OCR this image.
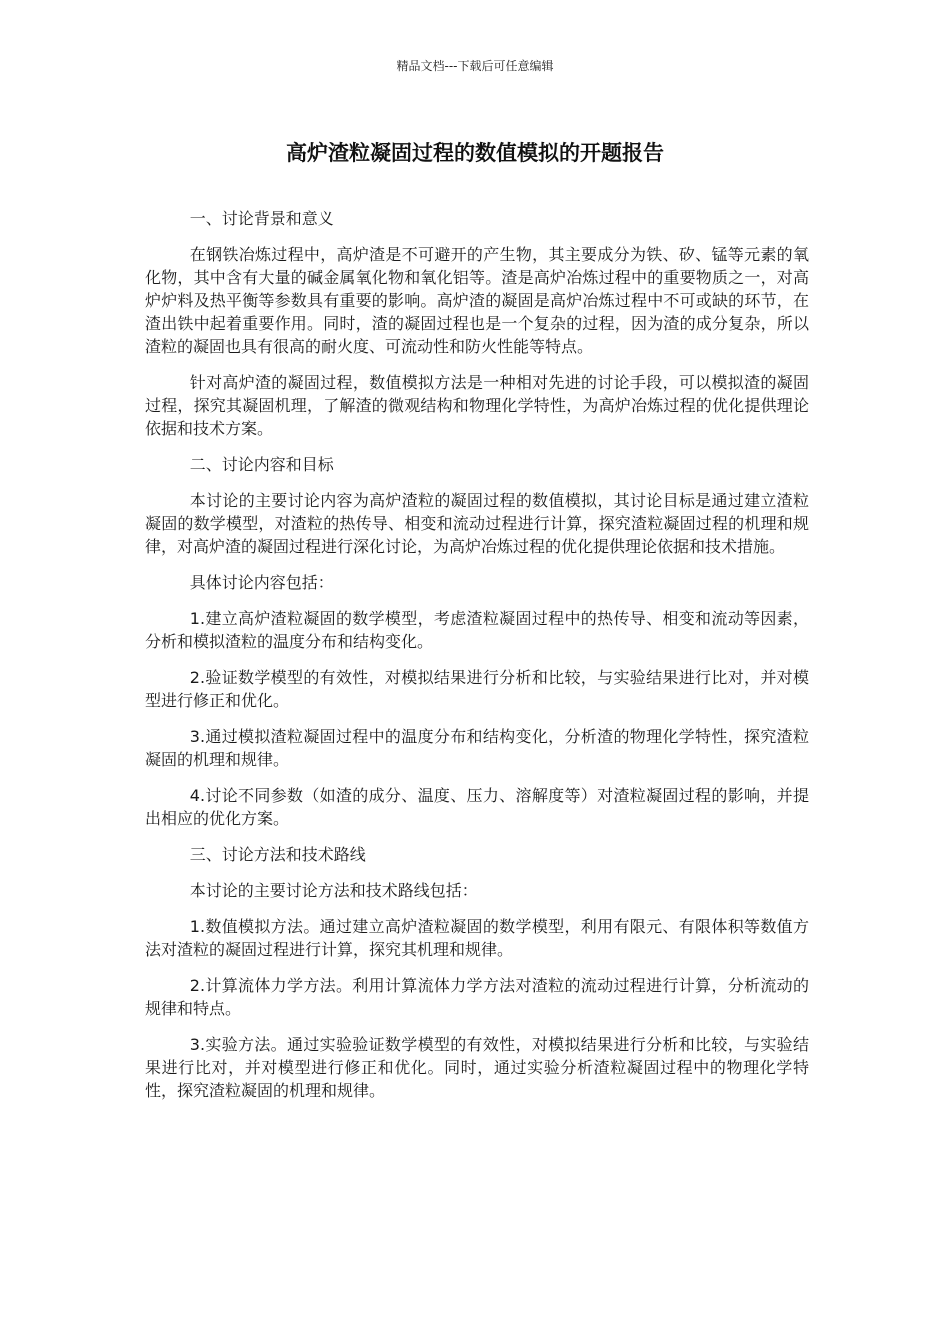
精品文档---下载后可任意编辑
高炉渣粒凝固过程的数值模拟的开题报告

一、讨论背景和意义

在钢铁冶炼过程中，高炉渣是不可避开的产生物，其主要成分为铁、矽、锰等元素的氧化物，其中含有大量的碱金属氧化物和氧化铝等。渣是高炉冶炼过程中的重要物质之一，对高炉炉料及热平衡等参数具有重要的影响。高炉渣的凝固是高炉冶炼过程中不可或缺的环节，在渣出铁中起着重要作用。同时，渣的凝固过程也是一个复杂的过程，因为渣的成分复杂，所以渣粒的凝固也具有很高的耐火度、可流动性和防火性能等特点。

针对高炉渣的凝固过程，数值模拟方法是一种相对先进的讨论手段，可以模拟渣的凝固过程，探究其凝固机理，了解渣的微观结构和物理化学特性，为高炉冶炼过程的优化提供理论依据和技术方案。

二、讨论内容和目标

本讨论的主要讨论内容为高炉渣粒的凝固过程的数值模拟，其讨论目标是通过建立渣粒凝固的数学模型，对渣粒的热传导、相变和流动过程进行计算，探究渣粒凝固过程的机理和规律，对高炉渣的凝固过程进行深化讨论，为高炉冶炼过程的优化提供理论依据和技术措施。

具体讨论内容包括：

1.建立高炉渣粒凝固的数学模型，考虑渣粒凝固过程中的热传导、相变和流动等因素，分析和模拟渣粒的温度分布和结构变化。

2.验证数学模型的有效性，对模拟结果进行分析和比较，与实验结果进行比对，并对模型进行修正和优化。

3.通过模拟渣粒凝固过程中的温度分布和结构变化，分析渣的物理化学特性，探究渣粒凝固的机理和规律。

4.讨论不同参数（如渣的成分、温度、压力、溶解度等）对渣粒凝固过程的影响，并提出相应的优化方案。

三、讨论方法和技术路线

本讨论的主要讨论方法和技术路线包括：

1.数值模拟方法。通过建立高炉渣粒凝固的数学模型，利用有限元、有限体积等数值方法对渣粒的凝固过程进行计算，探究其机理和规律。

2.计算流体力学方法。利用计算流体力学方法对渣粒的流动过程进行计算，分析流动的规律和特点。

3.实验方法。通过实验验证数学模型的有效性，对模拟结果进行分析和比较，与实验结果进行比对，并对模型进行修正和优化。同时，通过实验分析渣粒凝固过程中的物理化学特性，探究渣粒凝固的机理和规律。
